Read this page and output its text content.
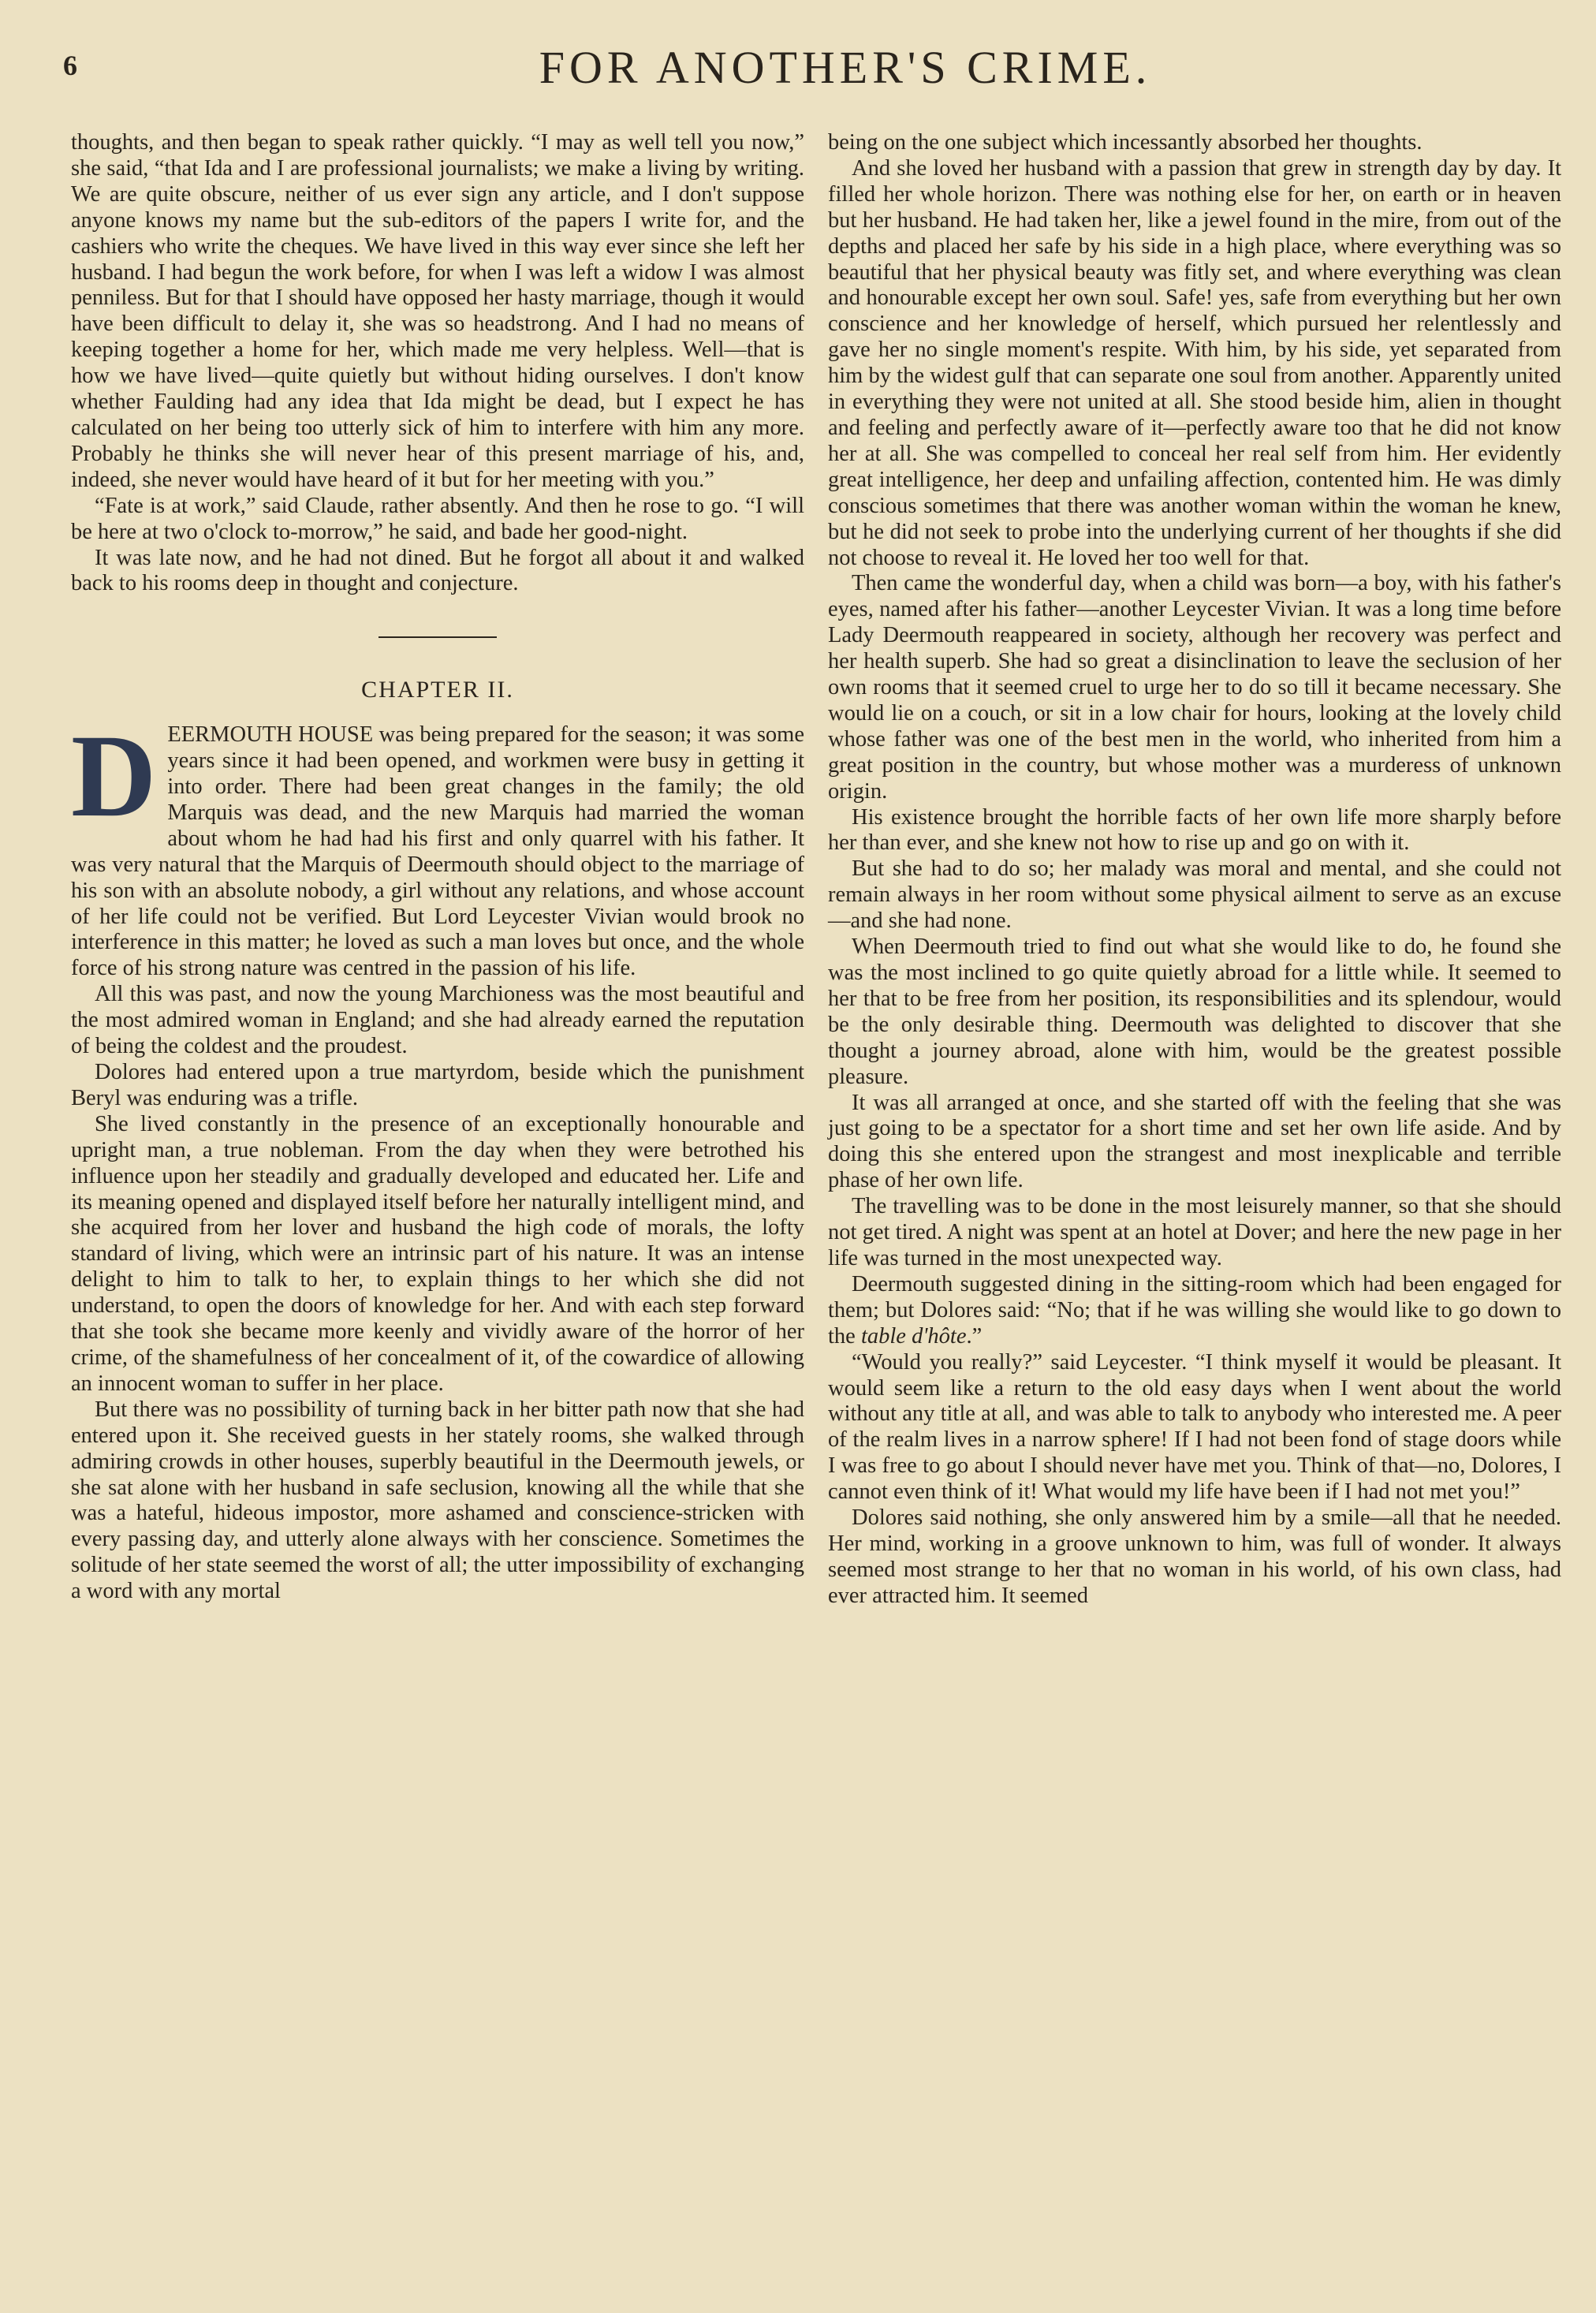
6	FOR ANOTHER'S CRIME.

thoughts, and then began to speak rather quickly. “I may as well tell you now,” she said, “that Ida and I are professional journalists; we make a living by writing. We are quite obscure, neither of us ever sign any article, and I don't suppose anyone knows my name but the sub-editors of the papers I write for, and the cashiers who write the cheques. We have lived in this way ever since she left her husband. I had begun the work before, for when I was left a widow I was almost penniless. But for that I should have opposed her hasty marriage, though it would have been difficult to delay it, she was so headstrong. And I had no means of keeping together a home for her, which made me very helpless. Well—that is how we have lived—quite quietly but without hiding ourselves. I don't know whether Faulding had any idea that Ida might be dead, but I expect he has calculated on her being too utterly sick of him to interfere with him any more. Probably he thinks she will never hear of this present marriage of his, and, indeed, she never would have heard of it but for her meeting with you.”

“Fate is at work,” said Claude, rather absently. And then he rose to go. “I will be here at two o'clock to-morrow,” he said, and bade her good-night.

It was late now, and he had not dined. But he forgot all about it and walked back to his rooms deep in thought and conjecture.

CHAPTER II.

DEERMOUTH HOUSE was being prepared for the season; it was some years since it had been opened, and workmen were busy in getting it into order. There had been great changes in the family; the old Marquis was dead, and the new Marquis had married the woman about whom he had had his first and only quarrel with his father. It was very natural that the Marquis of Deermouth should object to the marriage of his son with an absolute nobody, a girl without any relations, and whose account of her life could not be verified. But Lord Leycester Vivian would brook no interference in this matter; he loved as such a man loves but once, and the whole force of his strong nature was centred in the passion of his life.

All this was past, and now the young Marchioness was the most beautiful and the most admired woman in England; and she had already earned the reputation of being the coldest and the proudest.

Dolores had entered upon a true martyrdom, beside which the punishment Beryl was enduring was a trifle.

She lived constantly in the presence of an exceptionally honourable and upright man, a true nobleman. From the day when they were betrothed his influence upon her steadily and gradually developed and educated her. Life and its meaning opened and displayed itself before her naturally intelligent mind, and she acquired from her lover and husband the high code of morals, the lofty standard of living, which were an intrinsic part of his nature. It was an intense delight to him to talk to her, to explain things to her which she did not understand, to open the doors of knowledge for her. And with each step forward that she took she became more keenly and vividly aware of the horror of her crime, of the shamefulness of her concealment of it, of the cowardice of allowing an innocent woman to suffer in her place.

But there was no possibility of turning back in her bitter path now that she had entered upon it. She received guests in her stately rooms, she walked through admiring crowds in other houses, superbly beautiful in the Deermouth jewels, or she sat alone with her husband in safe seclusion, knowing all the while that she was a hateful, hideous impostor, more ashamed and conscience-stricken with every passing day, and utterly alone always with her conscience. Sometimes the solitude of her state seemed the worst of all; the utter impossibility of exchanging a word with any mortal

being on the one subject which incessantly absorbed her thoughts.

And she loved her husband with a passion that grew in strength day by day. It filled her whole horizon. There was nothing else for her, on earth or in heaven but her husband. He had taken her, like a jewel found in the mire, from out of the depths and placed her safe by his side in a high place, where everything was so beautiful that her physical beauty was fitly set, and where everything was clean and honourable except her own soul. Safe! yes, safe from everything but her own conscience and her knowledge of herself, which pursued her relentlessly and gave her no single moment's respite. With him, by his side, yet separated from him by the widest gulf that can separate one soul from another. Apparently united in everything they were not united at all. She stood beside him, alien in thought and feeling and perfectly aware of it—perfectly aware too that he did not know her at all. She was compelled to conceal her real self from him. Her evidently great intelligence, her deep and unfailing affection, contented him. He was dimly conscious sometimes that there was another woman within the woman he knew, but he did not seek to probe into the underlying current of her thoughts if she did not choose to reveal it. He loved her too well for that.

Then came the wonderful day, when a child was born—a boy, with his father's eyes, named after his father—another Leycester Vivian. It was a long time before Lady Deermouth reappeared in society, although her recovery was perfect and her health superb. She had so great a disinclination to leave the seclusion of her own rooms that it seemed cruel to urge her to do so till it became necessary. She would lie on a couch, or sit in a low chair for hours, looking at the lovely child whose father was one of the best men in the world, who inherited from him a great position in the country, but whose mother was a murderess of unknown origin.

His existence brought the horrible facts of her own life more sharply before her than ever, and she knew not how to rise up and go on with it.

But she had to do so; her malady was moral and mental, and she could not remain always in her room without some physical ailment to serve as an excuse—and she had none.

When Deermouth tried to find out what she would like to do, he found she was the most inclined to go quite quietly abroad for a little while. It seemed to her that to be free from her position, its responsibilities and its splendour, would be the only desirable thing. Deermouth was delighted to discover that she thought a journey abroad, alone with him, would be the greatest possible pleasure.

It was all arranged at once, and she started off with the feeling that she was just going to be a spectator for a short time and set her own life aside. And by doing this she entered upon the strangest and most inexplicable and terrible phase of her own life.

The travelling was to be done in the most leisurely manner, so that she should not get tired. A night was spent at an hotel at Dover; and here the new page in her life was turned in the most unexpected way.

Deermouth suggested dining in the sitting-room which had been engaged for them; but Dolores said: “No; that if he was willing she would like to go down to the table d'hôte.”

“Would you really?” said Leycester. “I think myself it would be pleasant. It would seem like a return to the old easy days when I went about the world without any title at all, and was able to talk to anybody who interested me. A peer of the realm lives in a narrow sphere! If I had not been fond of stage doors while I was free to go about I should never have met you. Think of that—no, Dolores, I cannot even think of it! What would my life have been if I had not met you!”

Dolores said nothing, she only answered him by a smile—all that he needed. Her mind, working in a groove unknown to him, was full of wonder. It always seemed most strange to her that no woman in his world, of his own class, had ever attracted him. It seemed
